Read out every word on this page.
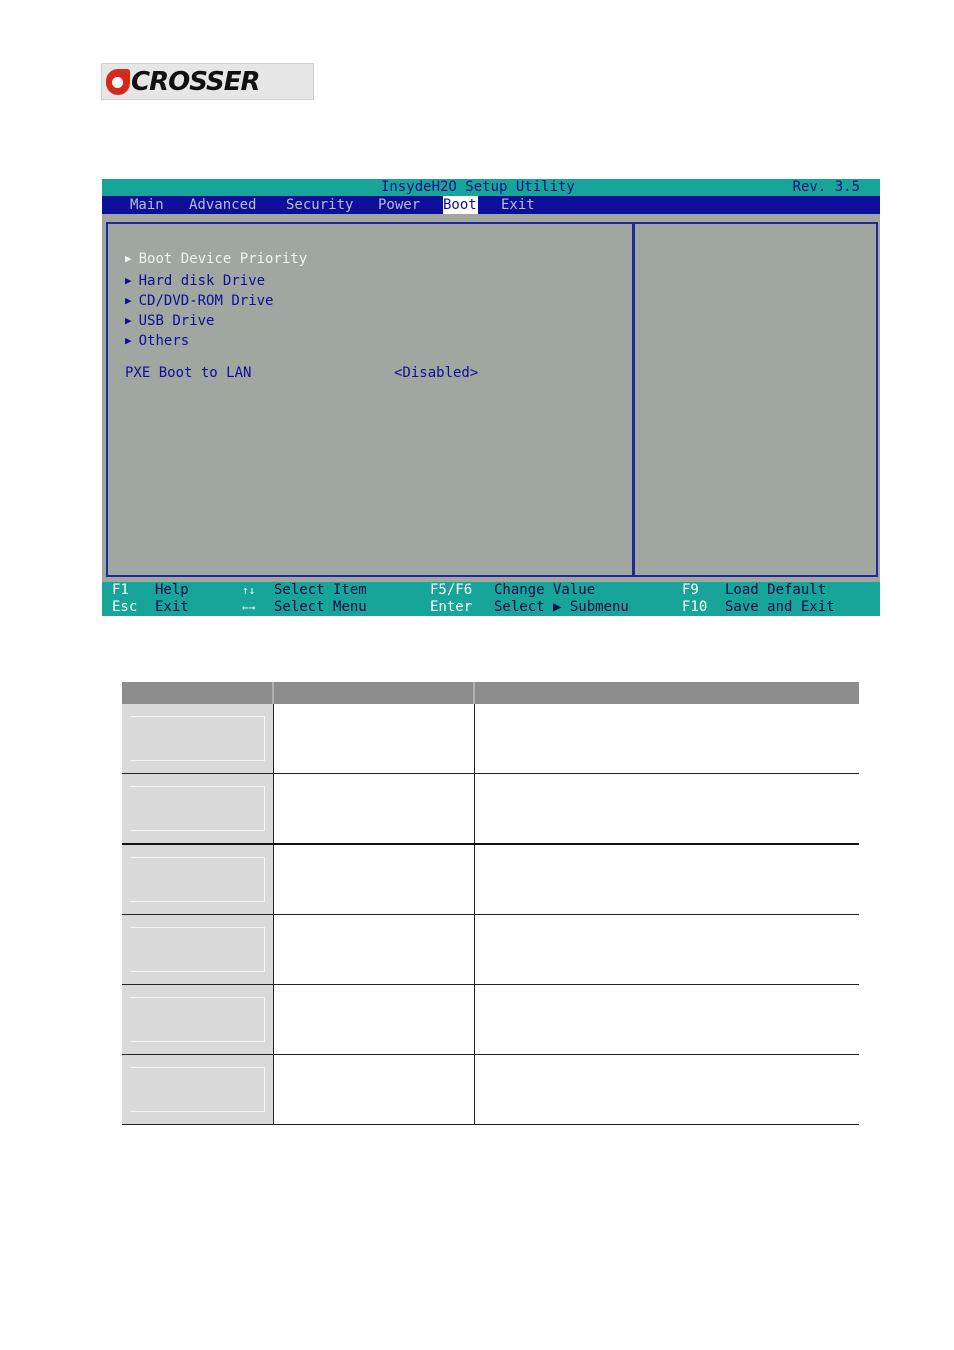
CROSSER
InsydeH2O Setup Utility	Rev. 3.5
Main Advanced Security Power Boot Exit
▶ Boot Device Priority
▶ Hard disk Drive
▶ CD/DVD-ROM Drive
▶ USB Drive
▶ Others
PXE Boot to LAN	<Disabled>
F1 Help	↑↓ Select Item	F5/F6 Change Value	F9 Load Default
Esc Exit	←→ Select Menu	Enter Select ▶ Submenu	F10 Save and Exit
